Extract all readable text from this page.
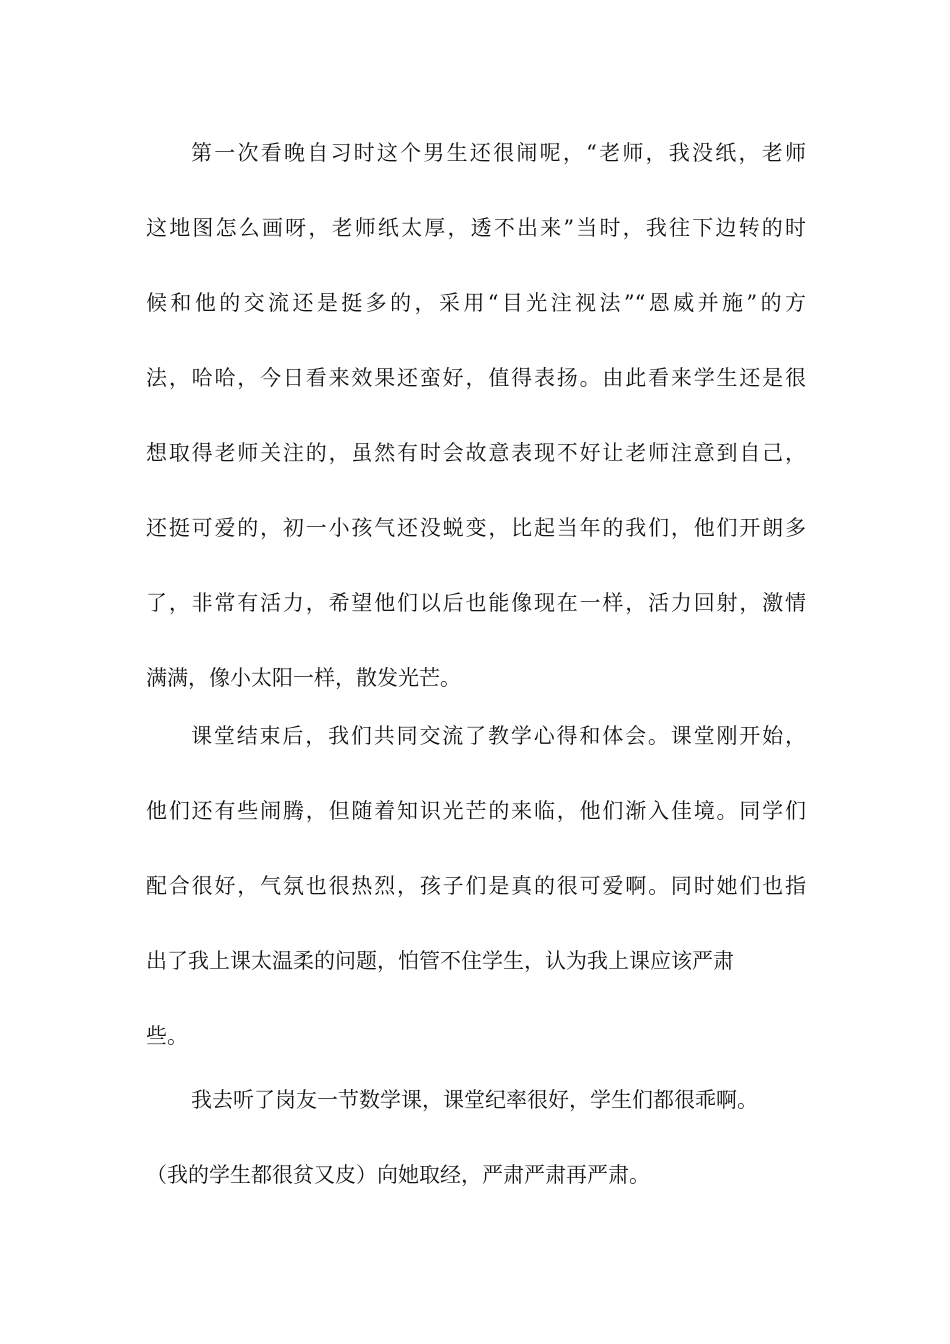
第一次看晚自习时这个男生还很闹呢，“老师，我没纸，老师
这地图怎么画呀，老师纸太厚，透不出来”当时，我往下边转的时
候和他的交流还是挺多的，采用“目光注视法”“恩威并施”的方
法，哈哈，今日看来效果还蛮好，值得表扬。由此看来学生还是很
想取得老师关注的，虽然有时会故意表现不好让老师注意到自己，
还挺可爱的，初一小孩气还没蜕变，比起当年的我们，他们开朗多
了，非常有活力，希望他们以后也能像现在一样，活力回射，激情
满满，像小太阳一样，散发光芒。
课堂结束后，我们共同交流了教学心得和体会。课堂刚开始，
他们还有些闹腾，但随着知识光芒的来临，他们渐入佳境。同学们
配合很好，气氛也很热烈，孩子们是真的很可爱啊。同时她们也指
出了我上课太温柔的问题，怕管不住学生，认为我上课应该严肃
些。
我去听了岗友一节数学课，课堂纪率很好，学生们都很乖啊。
（我的学生都很贫又皮）向她取经，严肃严肃再严肃。
